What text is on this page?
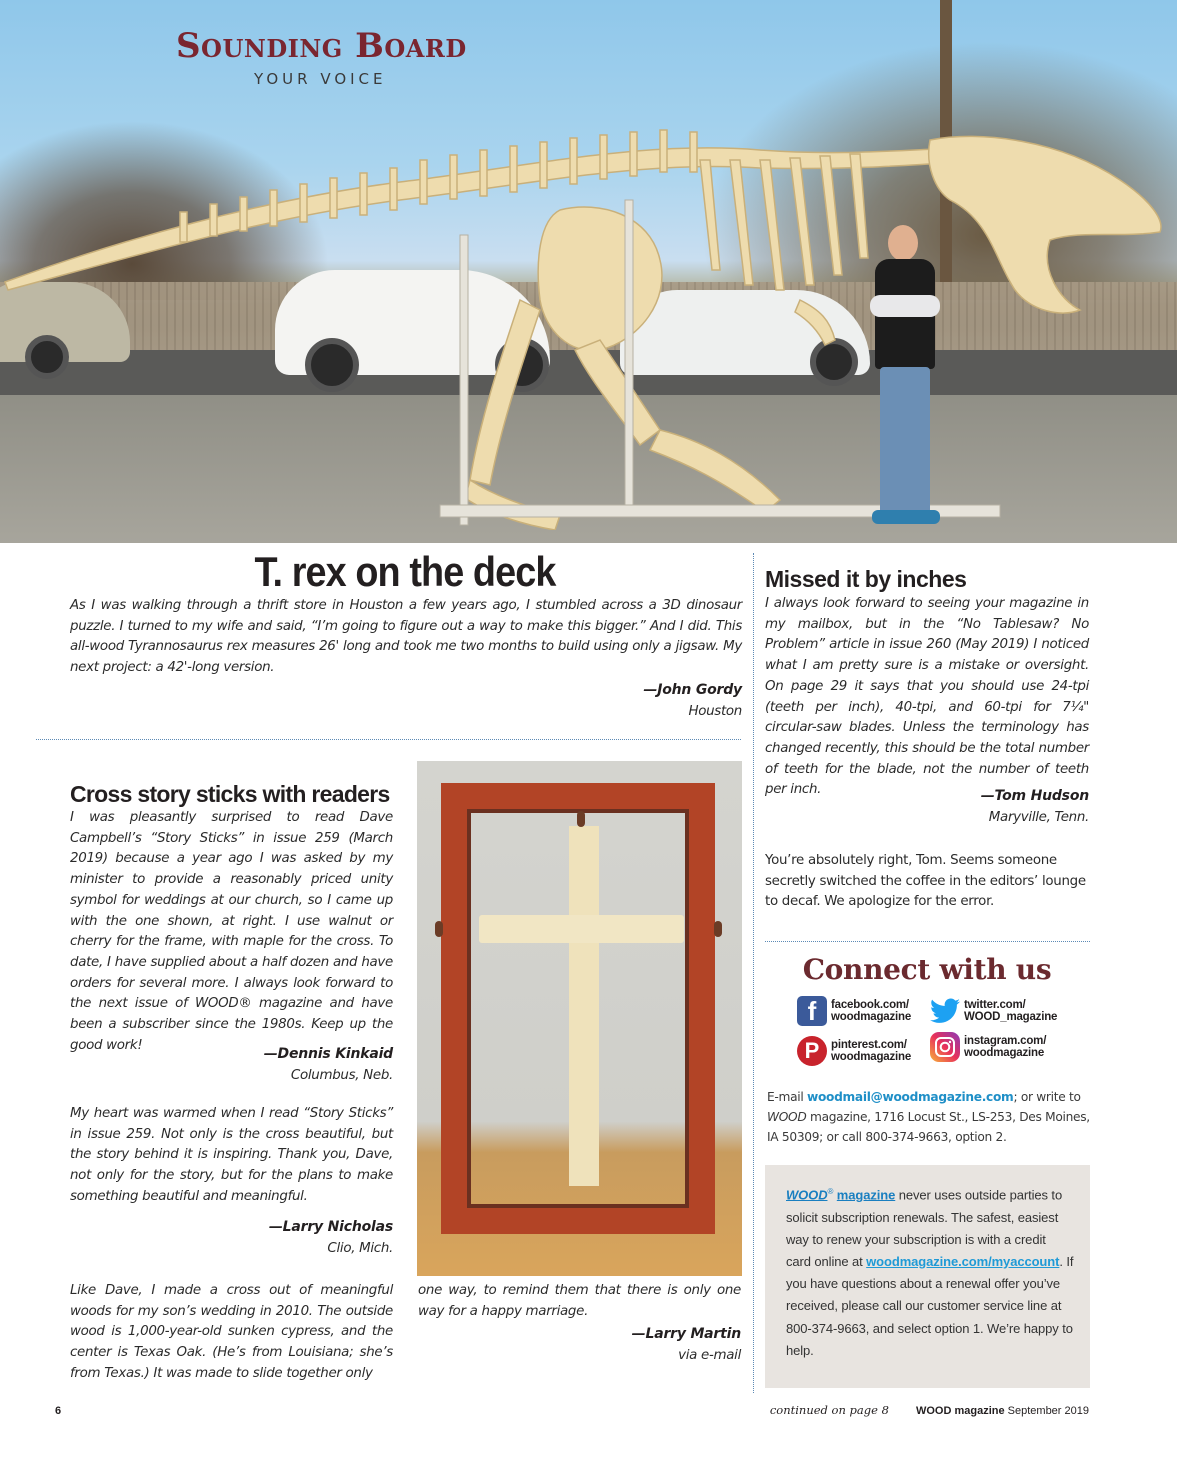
Sounding Board
YOUR VOICE
T. rex on the deck
As I was walking through a thrift store in Houston a few years ago, I stumbled across a 3D dinosaur puzzle. I turned to my wife and said, “I’m going to figure out a way to make this bigger.” And I did. This all-wood Tyrannosaurus rex measures 26' long and took me two months to build using only a jigsaw. My next project: a 42'-long version.
—John Gordy
Houston
Cross story sticks with readers
I was pleasantly surprised to read Dave Campbell’s “Story Sticks” in issue 259 (March 2019) because a year ago I was asked by my minister to provide a reasonably priced unity symbol for weddings at our church, so I came up with the one shown, at right. I use walnut or cherry for the frame, with maple for the cross. To date, I have supplied about a half dozen and have orders for several more. I always look forward to the next issue of WOOD® magazine and have been a subscriber since the 1980s. Keep up the good work!
—Dennis Kinkaid
Columbus, Neb.
My heart was warmed when I read “Story Sticks” in issue 259. Not only is the cross beautiful, but the story behind it is inspiring. Thank you, Dave, not only for the story, but for the plans to make something beautiful and meaningful.
—Larry Nicholas
Clio, Mich.
Like Dave, I made a cross out of meaningful woods for my son’s wedding in 2010. The outside wood is 1,000-year-old sunken cypress, and the center is Texas Oak. (He’s from Louisiana; she’s from Texas.) It was made to slide together only
one way, to remind them that there is only one way for a happy marriage.
—Larry Martin
via e-mail
Missed it by inches
I always look forward to seeing your magazine in my mailbox, but in the “No Tablesaw? No Problem” article in issue 260 (May 2019) I noticed what I am pretty sure is a mistake or oversight. On page 29 it says that you should use 24-tpi (teeth per inch), 40-tpi, and 60-tpi for 7¼" circular-saw blades. Unless the terminology has changed recently, this should be the total number of teeth for the blade, not the number of teeth per inch.	—Tom Hudson
Maryville, Tenn.
You’re absolutely right, Tom. Seems someone secretly switched the coffee in the editors’ lounge to decaf. We apologize for the error.
Connect with us
f	facebook.com/
woodmagazine
twitter.com/
WOOD_magazine
P	pinterest.com/
woodmagazine
instagram.com/
woodmagazine
E-mail woodmail@woodmagazine.com; or write to WOOD magazine, 1716 Locust St., LS-253, Des Moines, IA 50309; or call 800-374-9663, option 2.
WOOD® magazine never uses outside parties to solicit subscription renewals. The safest, easiest way to renew your subscription is with a credit card online at woodmagazine.com/myaccount. If you have questions about a renewal offer you’ve received, please call our customer service line at 800-374-9663, and select option 1. We’re happy to help.
6	continued on page 8 WOOD magazine September 2019
